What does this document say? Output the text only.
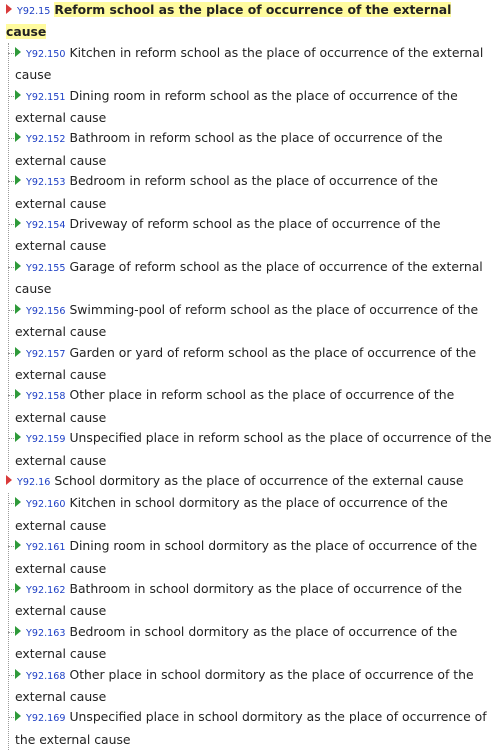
Y92.15 Reform school as the place of occurrence of the external cause
Y92.150 Kitchen in reform school as the place of occurrence of the external cause
Y92.151 Dining room in reform school as the place of occurrence of the external cause
Y92.152 Bathroom in reform school as the place of occurrence of the external cause
Y92.153 Bedroom in reform school as the place of occurrence of the external cause
Y92.154 Driveway of reform school as the place of occurrence of the external cause
Y92.155 Garage of reform school as the place of occurrence of the external cause
Y92.156 Swimming-pool of reform school as the place of occurrence of the external cause
Y92.157 Garden or yard of reform school as the place of occurrence of the external cause
Y92.158 Other place in reform school as the place of occurrence of the external cause
Y92.159 Unspecified place in reform school as the place of occurrence of the external cause
Y92.16 School dormitory as the place of occurrence of the external cause
Y92.160 Kitchen in school dormitory as the place of occurrence of the external cause
Y92.161 Dining room in school dormitory as the place of occurrence of the external cause
Y92.162 Bathroom in school dormitory as the place of occurrence of the external cause
Y92.163 Bedroom in school dormitory as the place of occurrence of the external cause
Y92.168 Other place in school dormitory as the place of occurrence of the external cause
Y92.169 Unspecified place in school dormitory as the place of occurrence of the external cause
